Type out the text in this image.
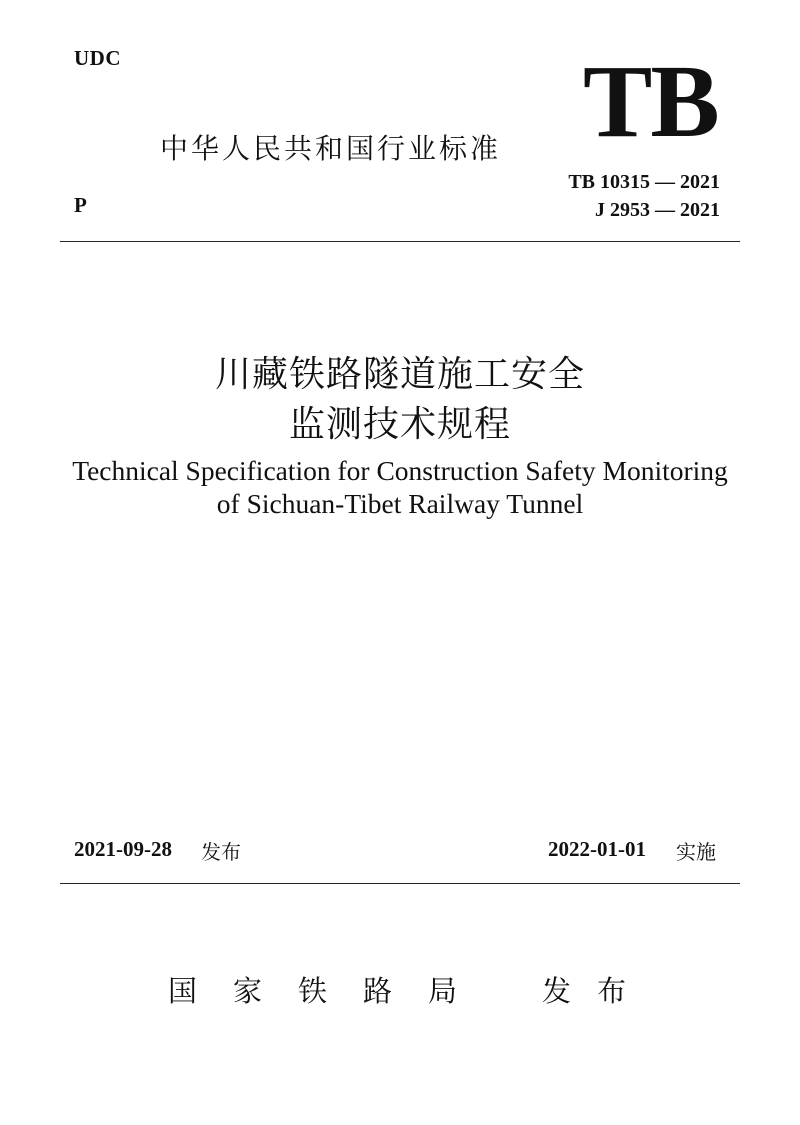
UDC
中华人民共和国行业标准 TB
TB 10315 — 2021
J 2953 — 2021
P
川藏铁路隧道施工安全
监测技术规程
Technical Specification for Construction Safety Monitoring
of Sichuan-Tibet Railway Tunnel
2021-09-28 发布	2022-01-01 实施
国家铁路局 发布
